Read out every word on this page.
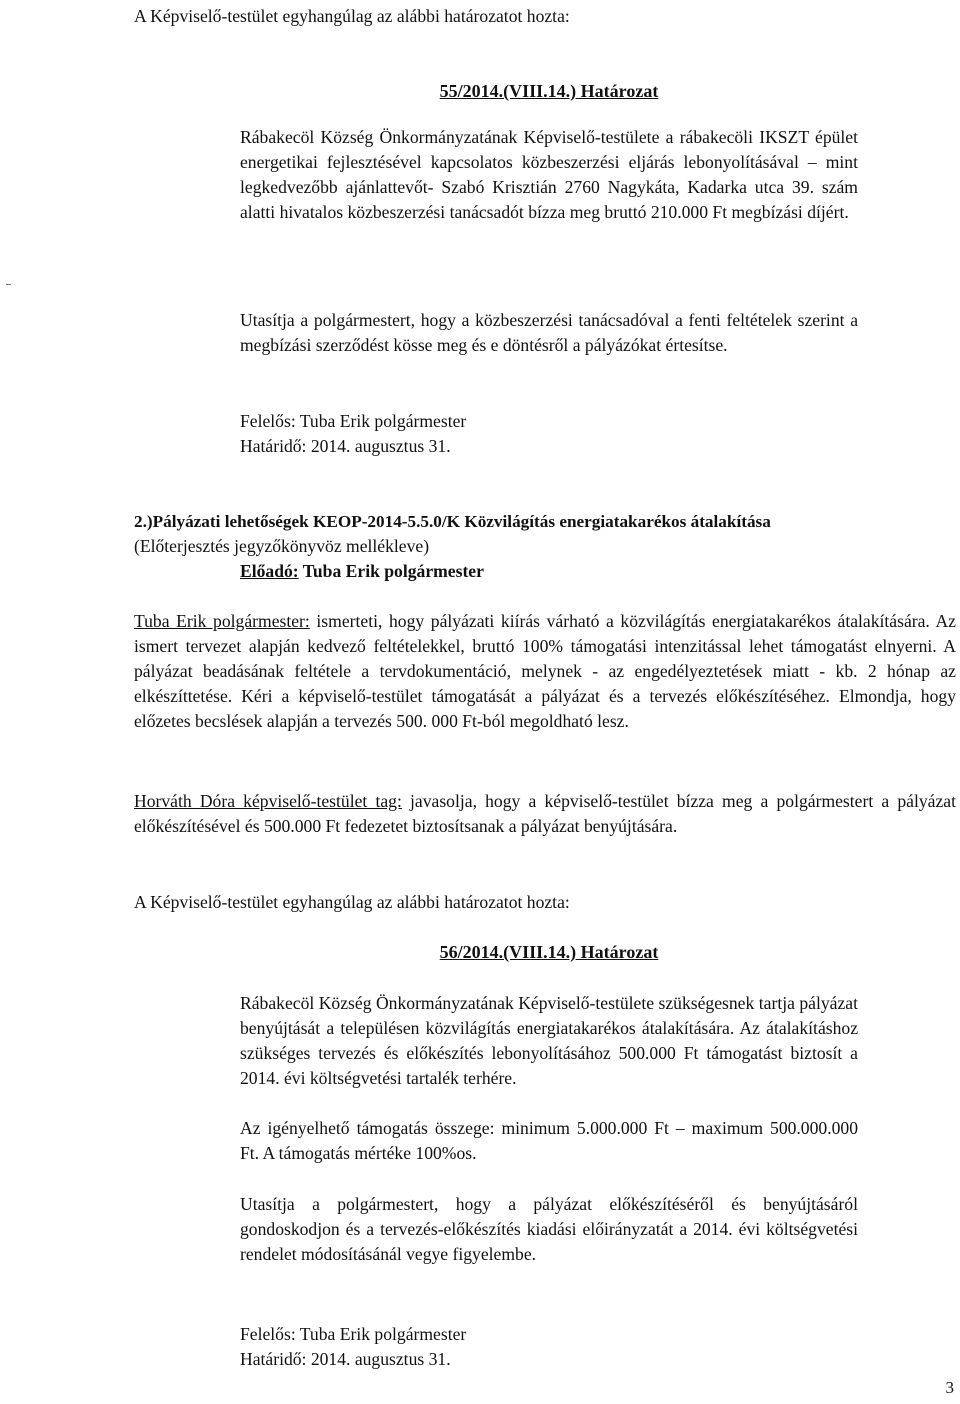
A Képviselő-testület egyhangúlag az alábbi határozatot hozta:

55/2014.(VIII.14.) Határozat

Rábakecöl Község Önkormányzatának Képviselő-testülete a rábakecöli IKSZT épület energetikai fejlesztésével kapcsolatos közbeszerzési eljárás lebonyolításával – mint legkedvezőbb ajánlattevőt- Szabó Krisztián 2760 Nagykáta, Kadarka utca 39. szám alatti hivatalos közbeszerzési tanácsadót bízza meg bruttó 210.000 Ft megbízási díjért.

Utasítja a polgármestert, hogy a közbeszerzési tanácsadóval a fenti feltételek szerint a megbízási szerződést kösse meg és e döntésről a pályázókat értesítse.

Felelős: Tuba Erik polgármester

Határidő: 2014. augusztus 31.

2.)Pályázati lehetőségek KEOP-2014-5.5.0/K Közvilágítás energiatakarékos átalakítása

(Előterjesztés jegyzőkönyvöz mellékleve)

Előadó: Tuba Erik polgármester

Tuba Erik polgármester: ismerteti, hogy pályázati kiírás várható a közvilágítás energiatakarékos átalakítására. Az ismert tervezet alapján kedvező feltételekkel, bruttó 100% támogatási intenzitással lehet támogatást elnyerni. A pályázat beadásának feltétele a tervdokumentáció, melynek - az engedélyeztetések miatt - kb. 2 hónap az elkészíttetése. Kéri a képviselő-testület támogatását a pályázat és a tervezés előkészítéséhez. Elmondja, hogy előzetes becslések alapján a tervezés 500. 000 Ft-ból megoldható lesz.

Horváth Dóra képviselő-testület tag: javasolja, hogy a képviselő-testület bízza meg a polgármestert a pályázat előkészítésével és 500.000 Ft fedezetet biztosítsanak a pályázat benyújtására.

A Képviselő-testület egyhangúlag az alábbi határozatot hozta:

56/2014.(VIII.14.) Határozat

Rábakecöl Község Önkormányzatának Képviselő-testülete szükségesnek tartja pályázat benyújtását a településen közvilágítás energiatakarékos átalakítására. Az átalakításhoz szükséges tervezés és előkészítés lebonyolításához 500.000 Ft támogatást biztosít a 2014. évi költségvetési tartalék terhére.

Az igényelhető támogatás összege: minimum 5.000.000 Ft – maximum 500.000.000 Ft. A támogatás mértéke 100%os.

Utasítja a polgármestert, hogy a pályázat előkészítéséről és benyújtásáról gondoskodjon és a tervezés-előkészítés kiadási előirányzatát a 2014. évi költségvetési rendelet módosításánál vegye figyelembe.

Felelős: Tuba Erik polgármester

Határidő: 2014. augusztus 31.

3
